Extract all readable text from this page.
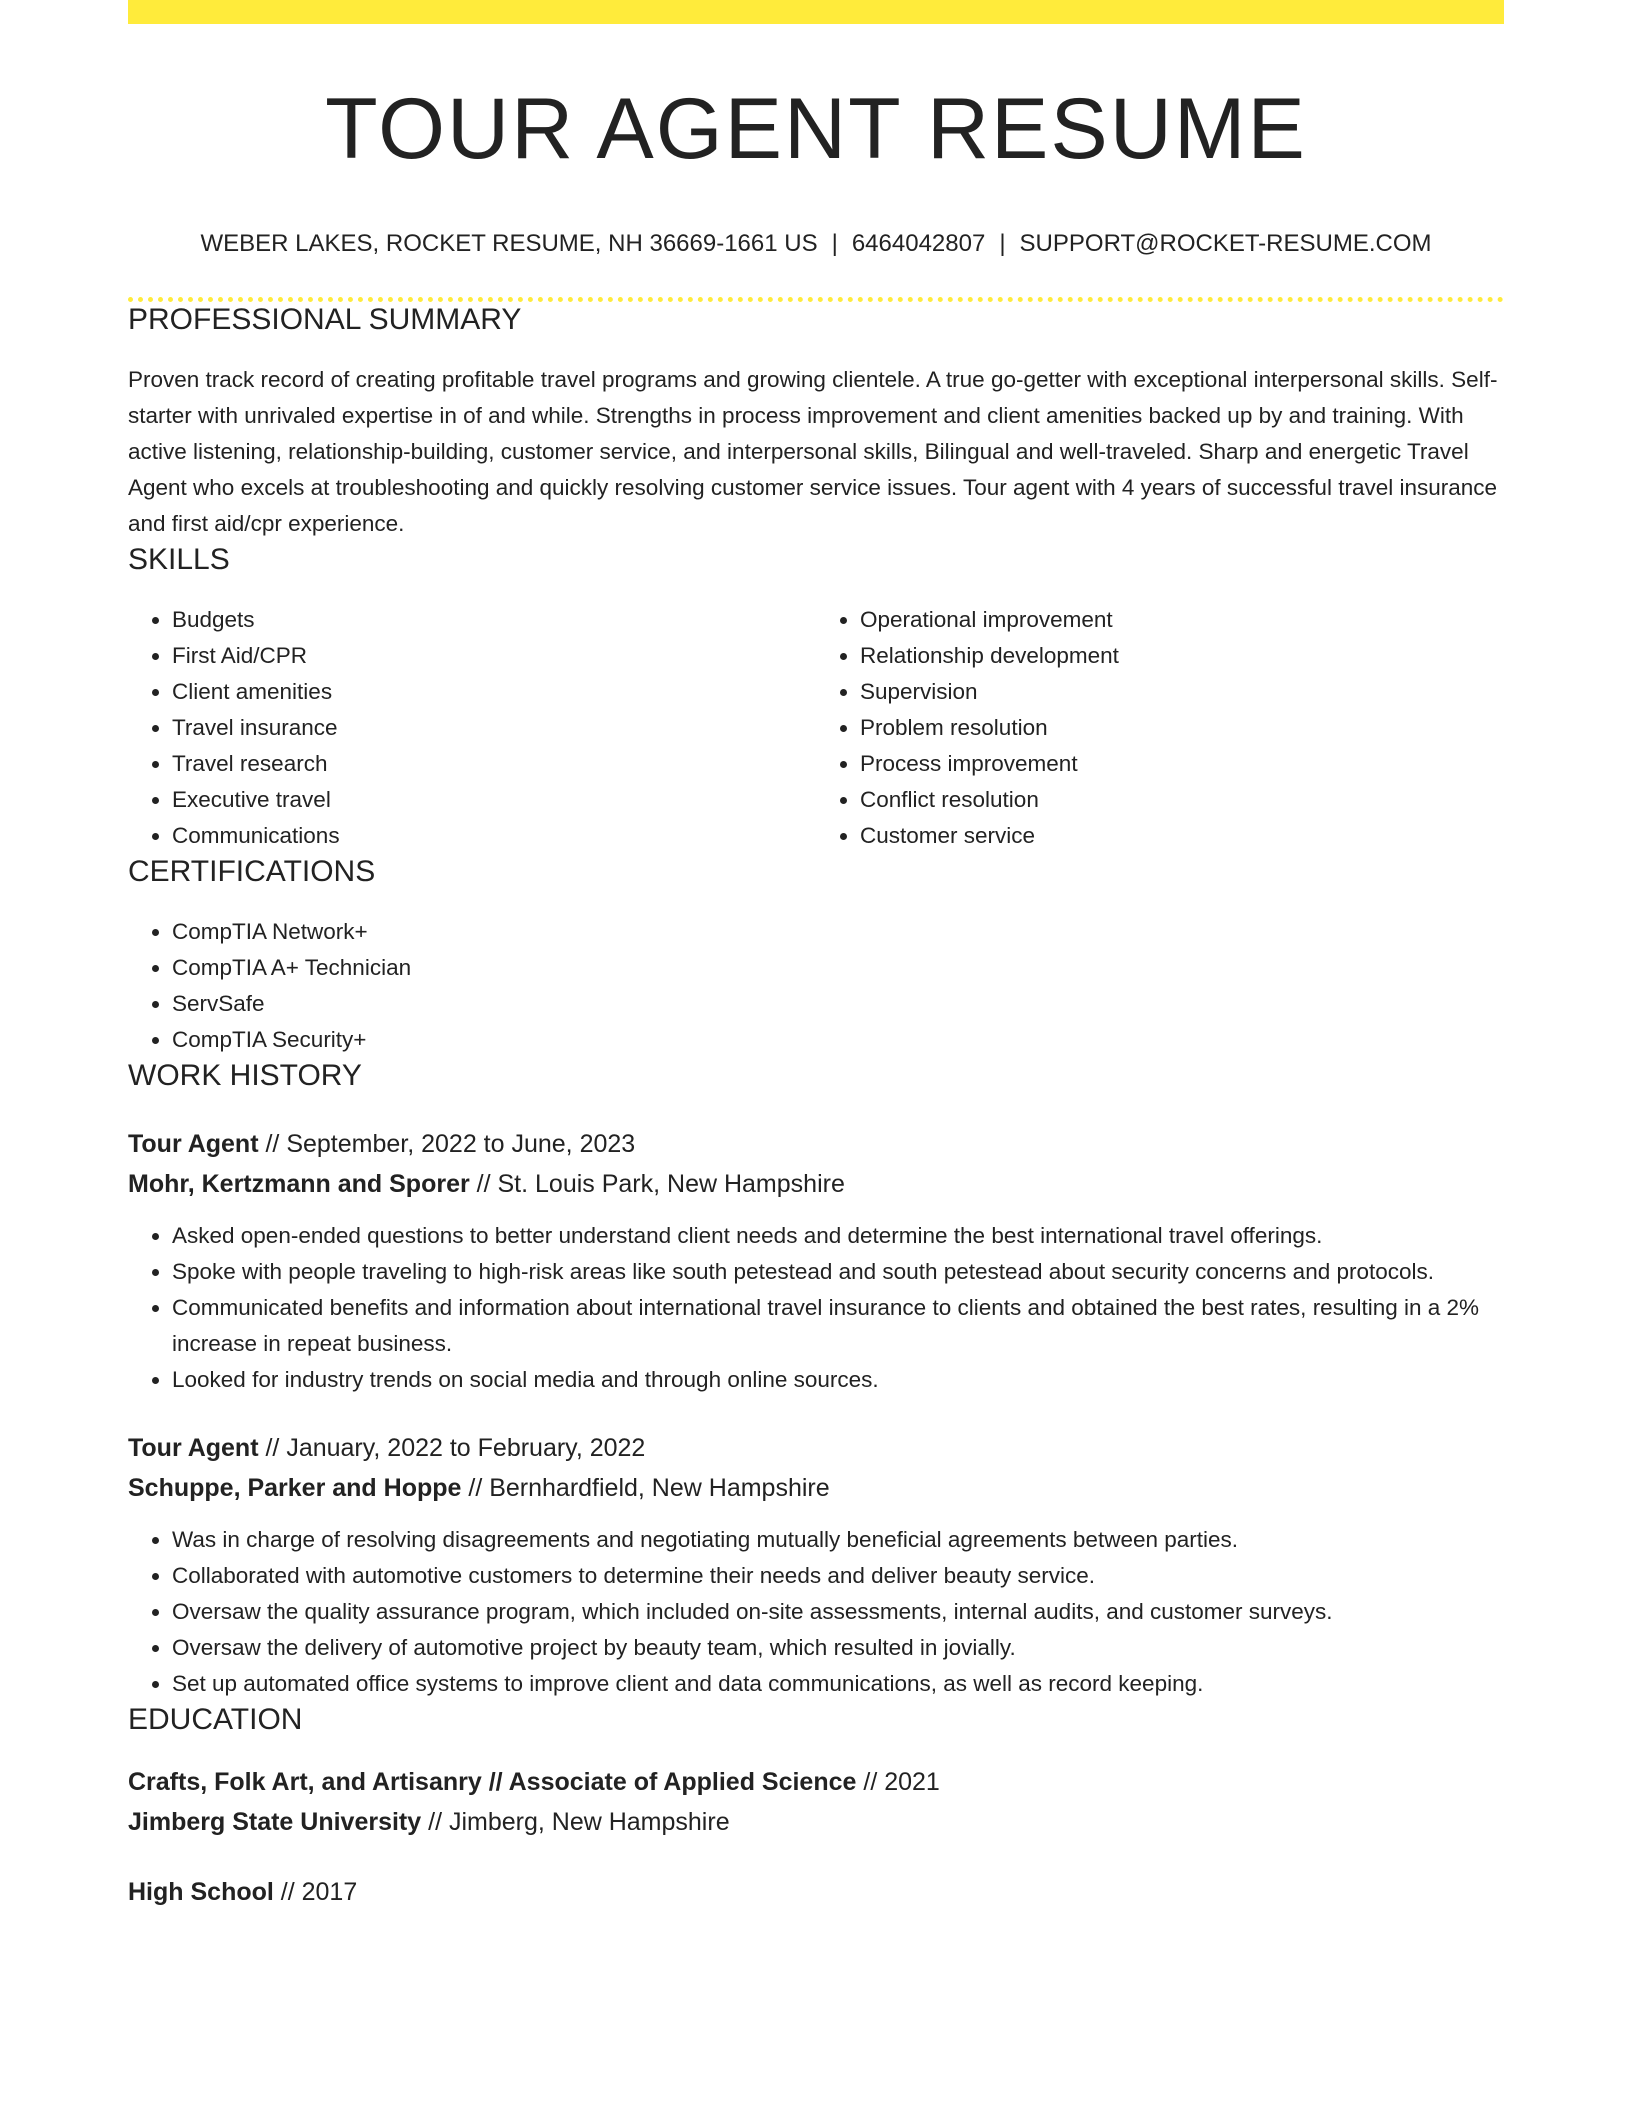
TOUR AGENT RESUME
WEBER LAKES, ROCKET RESUME, NH 36669-1661 US | 6464042807 | SUPPORT@ROCKET-RESUME.COM
PROFESSIONAL SUMMARY

Proven track record of creating profitable travel programs and growing clientele. A true go-getter with exceptional interpersonal skills. Self-starter with unrivaled expertise in of and while. Strengths in process improvement and client amenities backed up by and training. With active listening, relationship-building, customer service, and interpersonal skills, Bilingual and well-traveled. Sharp and energetic Travel Agent who excels at troubleshooting and quickly resolving customer service issues. Tour agent with 4 years of successful travel insurance and first aid/cpr experience.

SKILLS
• Budgets
• First Aid/CPR
• Client amenities
• Travel insurance
• Travel research
• Executive travel
• Communications
• Operational improvement
• Relationship development
• Supervision
• Problem resolution
• Process improvement
• Conflict resolution
• Customer service
CERTIFICATIONS
• CompTIA Network+
• CompTIA A+ Technician
• ServSafe
• CompTIA Security+
WORK HISTORY
Tour Agent // September, 2022 to June, 2023
Mohr, Kertzmann and Sporer // St. Louis Park, New Hampshire
• Asked open-ended questions to better understand client needs and determine the best international travel offerings.
• Spoke with people traveling to high-risk areas like south petestead and south petestead about security concerns and protocols.
• Communicated benefits and information about international travel insurance to clients and obtained the best rates, resulting in a 2% increase in repeat business.
• Looked for industry trends on social media and through online sources.
Tour Agent // January, 2022 to February, 2022
Schuppe, Parker and Hoppe // Bernhardfield, New Hampshire
• Was in charge of resolving disagreements and negotiating mutually beneficial agreements between parties.
• Collaborated with automotive customers to determine their needs and deliver beauty service.
• Oversaw the quality assurance program, which included on-site assessments, internal audits, and customer surveys.
• Oversaw the delivery of automotive project by beauty team, which resulted in jovially.
• Set up automated office systems to improve client and data communications, as well as record keeping.
EDUCATION
Crafts, Folk Art, and Artisanry // Associate of Applied Science // 2021
Jimberg State University // Jimberg, New Hampshire
High School // 2017
